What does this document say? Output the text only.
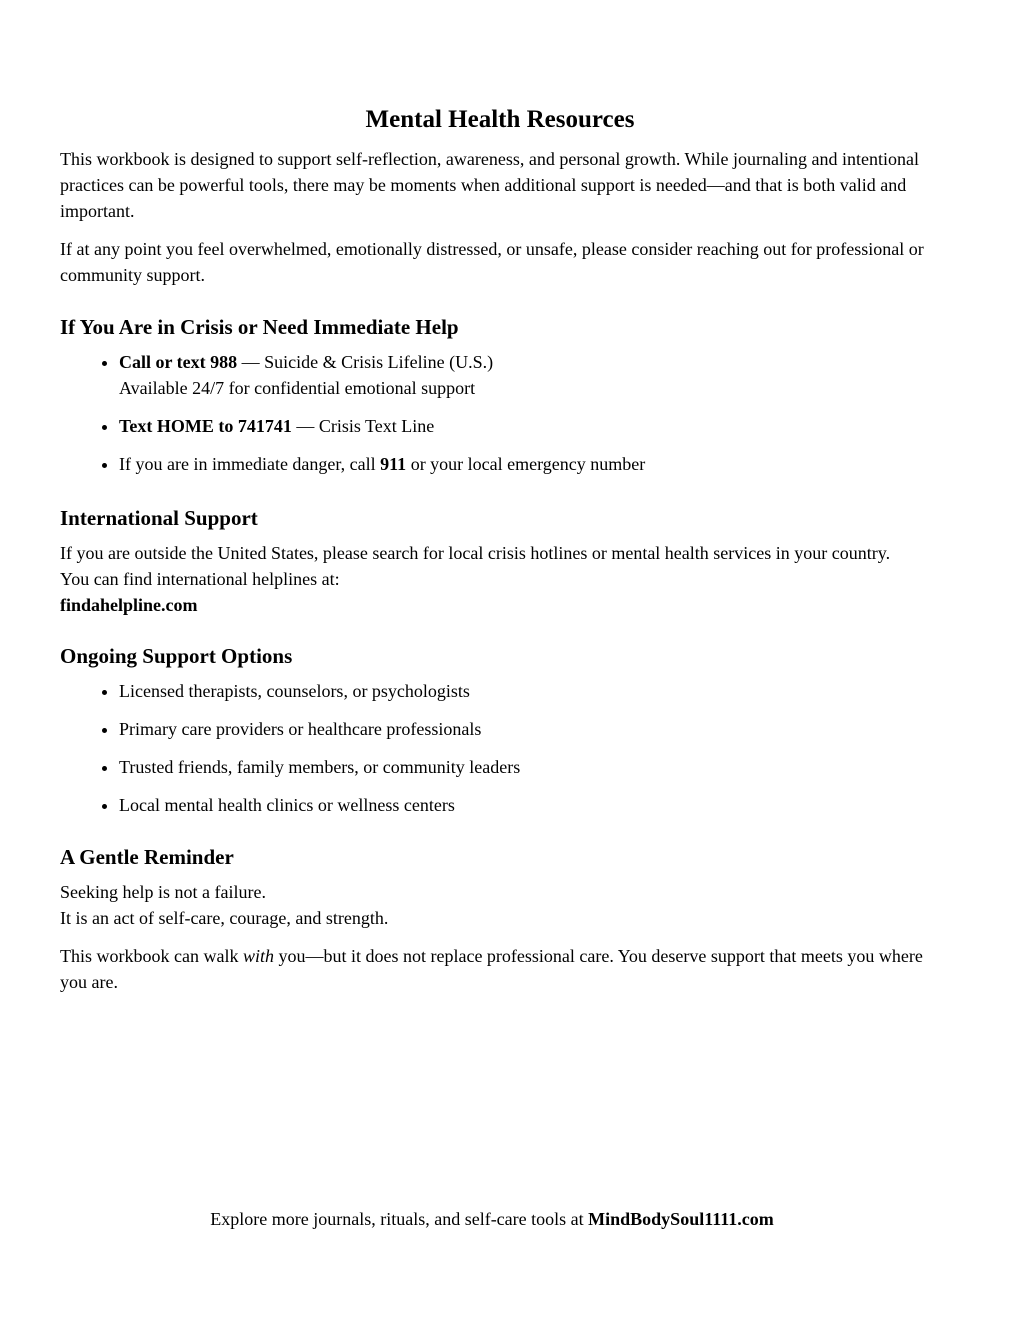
Mental Health Resources

This workbook is designed to support self-reflection, awareness, and personal growth. While journaling and intentional practices can be powerful tools, there may be moments when additional support is needed—and that is both valid and important.

If at any point you feel overwhelmed, emotionally distressed, or unsafe, please consider reaching out for professional or community support.

If You Are in Crisis or Need Immediate Help
• Call or text 988 — Suicide & Crisis Lifeline (U.S.)
Available 24/7 for confidential emotional support
• Text HOME to 741741 — Crisis Text Line
• If you are in immediate danger, call 911 or your local emergency number
International Support

If you are outside the United States, please search for local crisis hotlines or mental health services in your country.
You can find international helplines at:
findahelpline.com

Ongoing Support Options
• Licensed therapists, counselors, or psychologists
• Primary care providers or healthcare professionals
• Trusted friends, family members, or community leaders
• Local mental health clinics or wellness centers
A Gentle Reminder

Seeking help is not a failure.
It is an act of self-care, courage, and strength.

This workbook can walk with you—but it does not replace professional care. You deserve support that meets you where you are.

Explore more journals, rituals, and self-care tools at MindBodySoul1111.com
